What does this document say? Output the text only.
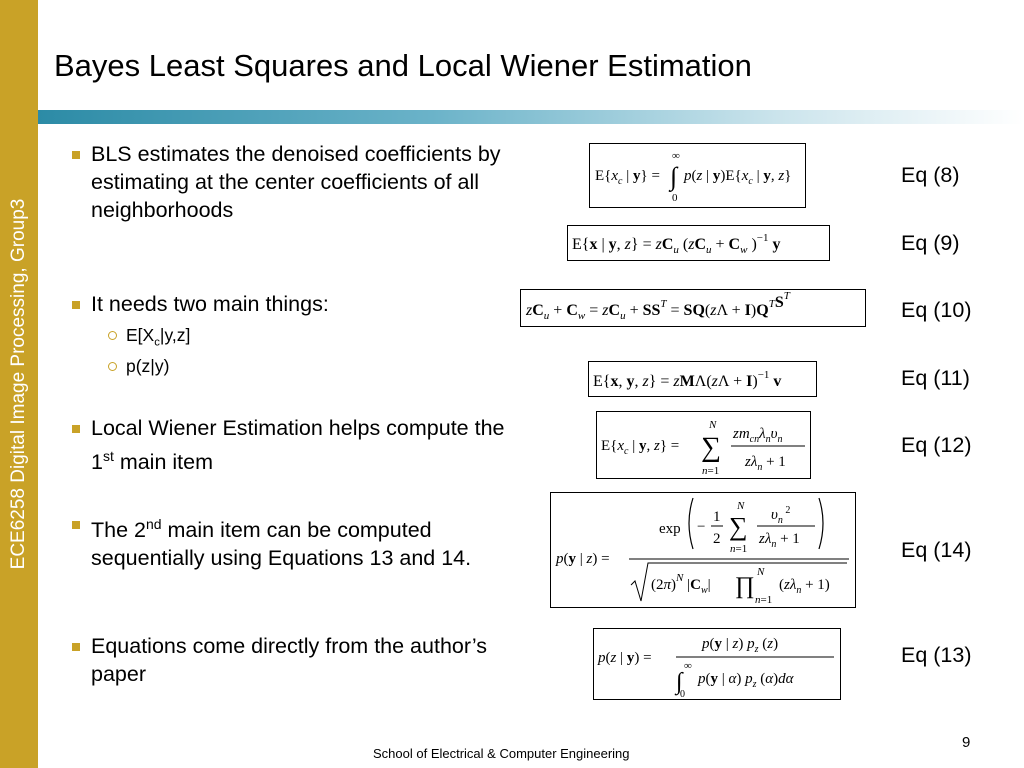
ECE6258 Digital Image Processing, Group3
Bayes Least Squares and Local Wiener Estimation
BLS estimates the denoised coefficients by estimating at the center coefficients of all neighborhoods
It needs two main things:
$E[X_c|y,z]$
p(z|y)
Local Wiener Estimation helps compute the 1st main item
The 2nd main item can be computed sequentially using Equations 13 and 14.
Equations come directly from the author’s paper
$E\{x_c$ | y} =
∞
∫
0
p(z | $y)E\{x_c$ | y, z}	Eq (8)
E{x | y, $z\} = zC_u$ ($zC_u + C_w$ )$^{-1}$ y	Eq (9)
$zC_u + C_w = zC_u + SS^T = SQ(z\Lambda + I)Q^TS^T$
Eq (10)
E{x, y, $z\} = zM\Lambda(z\Lambda + I)^{-1}$ v	Eq (11)
$E\{x_c$ | y, z} =
N
∑
n=1
$zm_{cn}\lambda_n\upsilon_n$
$z\lambda_n + 1$
Eq (12)
p(y | z) =
exp −
1
2
N
∑
n=1
$\upsilon_n$ $^2$
$z\lambda_n + 1$
$(2\pi)^N$ $|C_w|$ ∏
N
n=1
$(z\lambda_n + 1)$
Eq (14)
p(z | y) =
p(y | z) $p_z$ (z)
∞
∫
0
p(y | α) $p_z$ (α)dα
Eq (13)
School of Electrical & Computer Engineering
9
